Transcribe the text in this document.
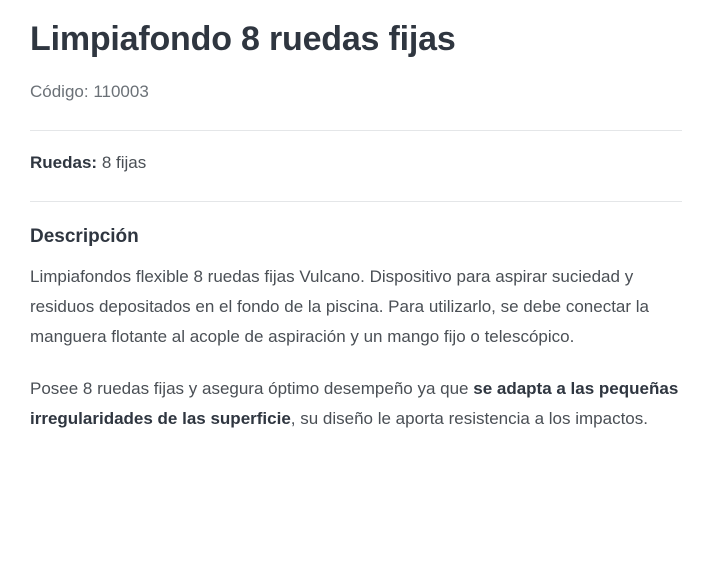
Limpiafondo 8 ruedas fijas
Código: 110003
Ruedas: 8 fijas
Descripción

Limpiafondos flexible 8 ruedas fijas Vulcano. Dispositivo para aspirar suciedad y residuos depositados en el fondo de la piscina. Para utilizarlo, se debe conectar la manguera flotante al acople de aspiración y un mango fijo o telescópico.

Posee 8 ruedas fijas y asegura óptimo desempeño ya que se adapta a las pequeñas irregularidades de las superficie, su diseño le aporta resistencia a los impactos.
